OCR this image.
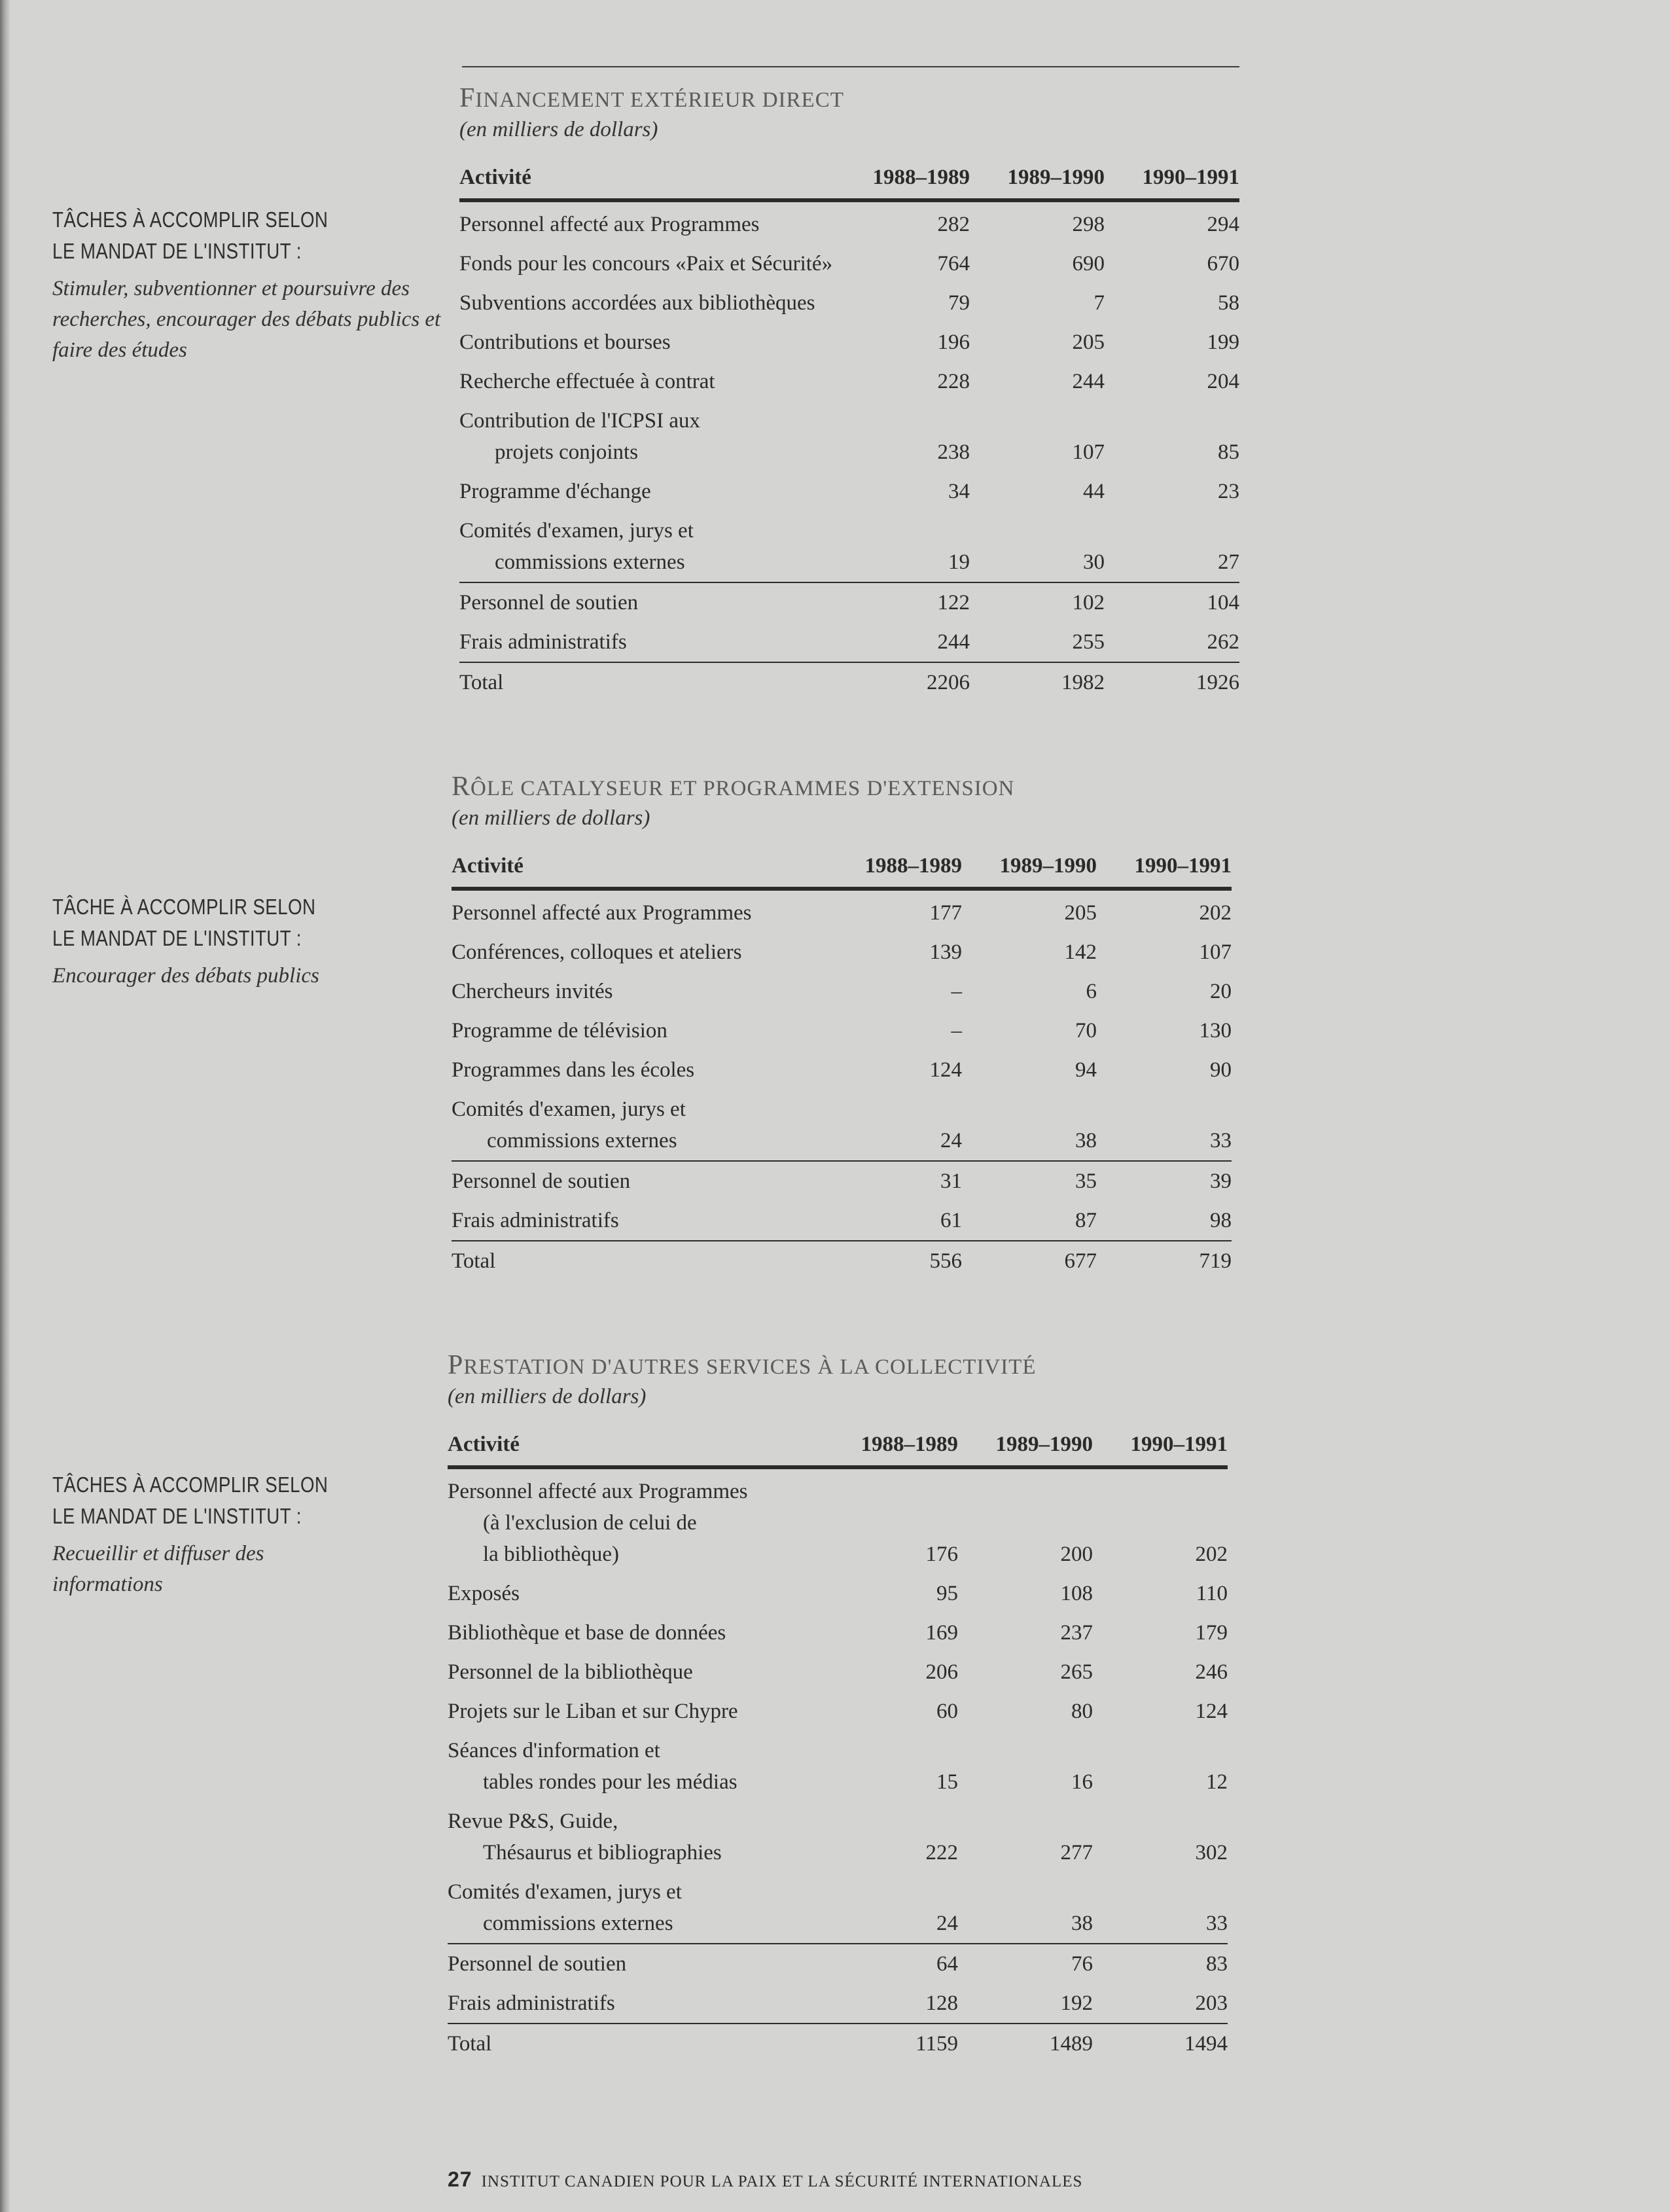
TÂCHES À ACCOMPLIR SELON
LE MANDAT DE L'INSTITUT :
Stimuler, subventionner et poursuivre des recherches, encourager des débats publics et faire des études
TÂCHE À ACCOMPLIR SELON
LE MANDAT DE L'INSTITUT :
Encourager des débats publics
TÂCHES À ACCOMPLIR SELON
LE MANDAT DE L'INSTITUT :
Recueillir et diffuser des informations
FINANCEMENT EXTÉRIEUR DIRECT
(en milliers de dollars)
Activité	1988–1989 1989–1990 1990–1991
Personnel affecté aux Programmes	282	298	294
Fonds pour les concours «Paix et Sécurité»	764	690	670
Subventions accordées aux bibliothèques	79	7	58
Contributions et bourses	196	205	199
Recherche effectuée à contrat	228	244	204
Contribution de l'ICPSI aux
projets conjoints	238	107	85
Programme d'échange	34	44	23
Comités d'examen, jurys et
commissions externes	19	30	27
Personnel de soutien	122	102	104
Frais administratifs	244	255	262
Total	2206	1982	1926
RÔLE CATALYSEUR ET PROGRAMMES D'EXTENSION
(en milliers de dollars)
Activité	1988–1989 1989–1990 1990–1991
Personnel affecté aux Programmes	177	205	202
Conférences, colloques et ateliers	139	142	107
Chercheurs invités	–	6	20
Programme de télévision	–	70	130
Programmes dans les écoles	124	94	90
Comités d'examen, jurys et
commissions externes	24	38	33
Personnel de soutien	31	35	39
Frais administratifs	61	87	98
Total	556	677	719
PRESTATION D'AUTRES SERVICES À LA COLLECTIVITÉ
(en milliers de dollars)
Activité	1988–1989 1989–1990 1990–1991
Personnel affecté aux Programmes
(à l'exclusion de celui de
la bibliothèque)	176	200	202
Exposés	95	108	110
Bibliothèque et base de données	169	237	179
Personnel de la bibliothèque	206	265	246
Projets sur le Liban et sur Chypre	60	80	124
Séances d'information et
tables rondes pour les médias	15	16	12
Revue P&S, Guide,
Thésaurus et bibliographies	222	277	302
Comités d'examen, jurys et
commissions externes	24	38	33
Personnel de soutien	64	76	83
Frais administratifs	128	192	203
Total	1159	1489	1494
27 INSTITUT CANADIEN POUR LA PAIX ET LA SÉCURITÉ INTERNATIONALES
